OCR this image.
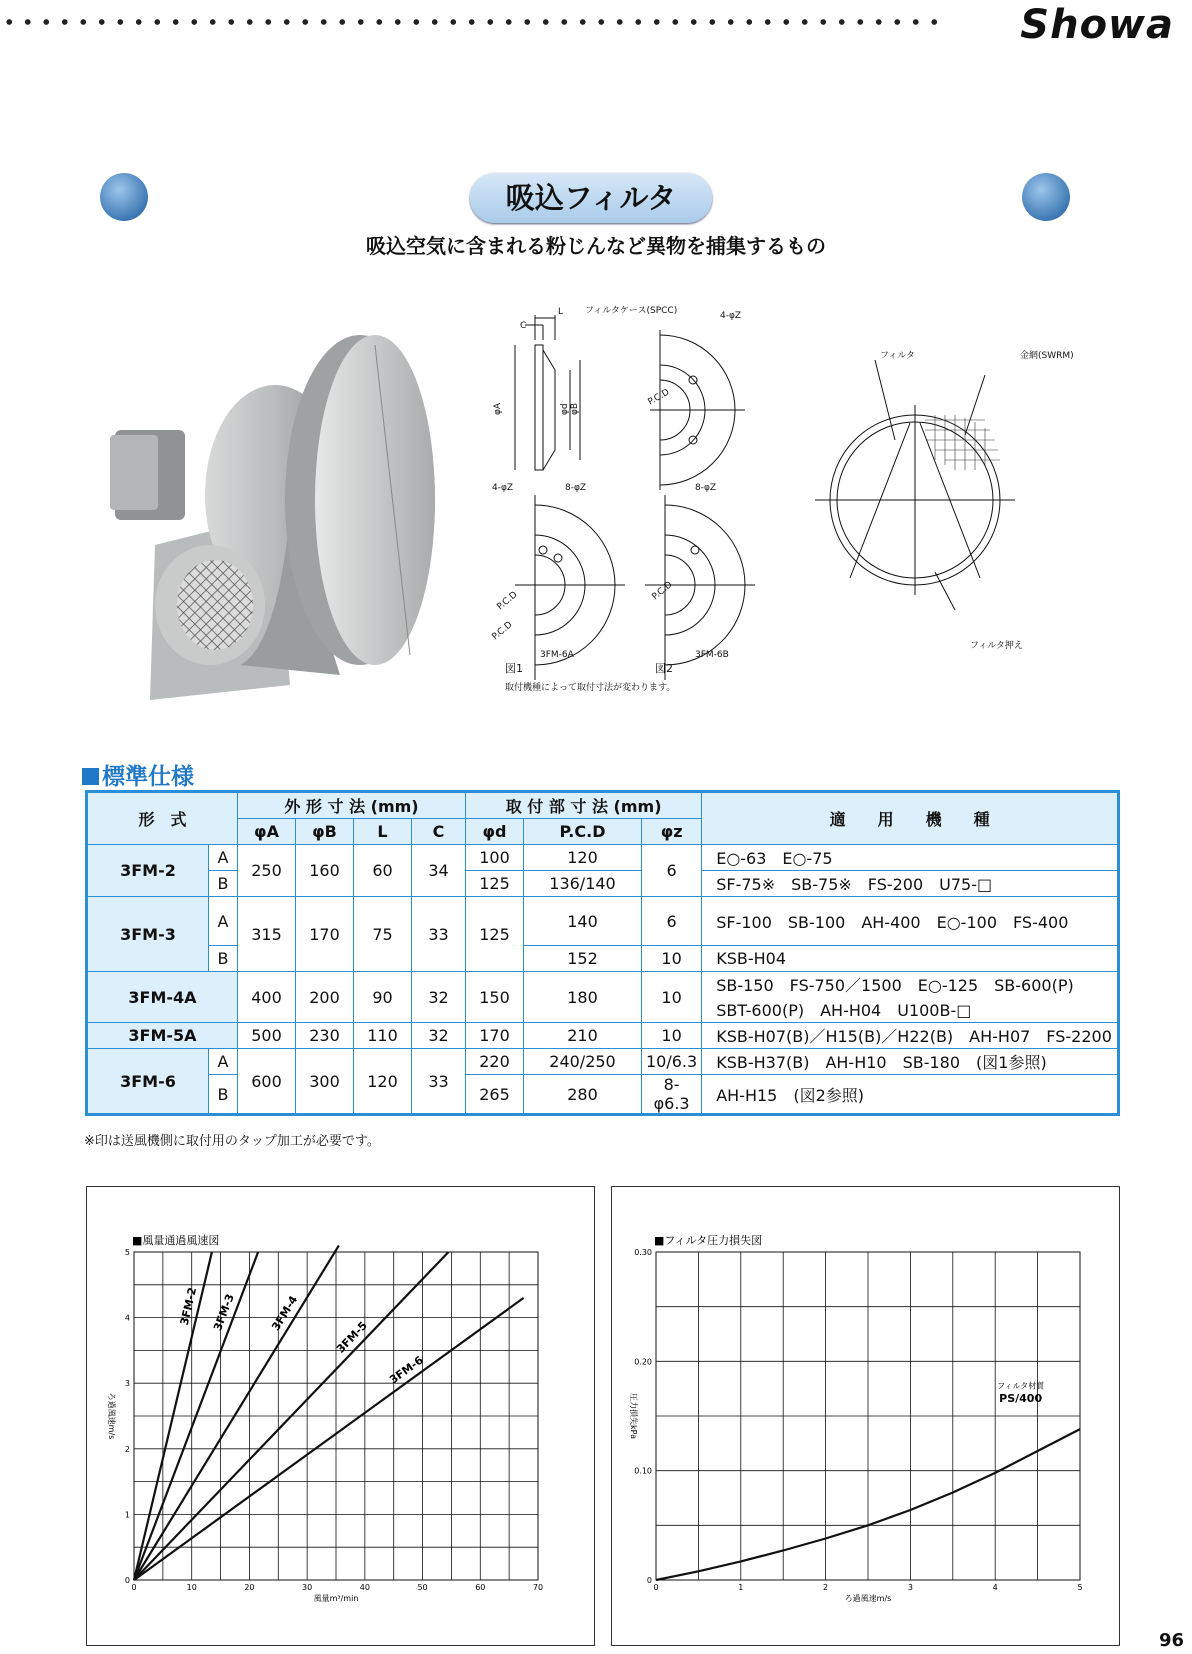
Showa
吸込フィルタ
吸込空気に含まれる粉じんなど異物を捕集するもの
L
C
フィルタケース(SPCC)
φA	φd φB
4-φZ
P.C.D
4-φZ	8-φZ	8-φZ
P.C.D
P.C.D
P.C.D
3FM-6A	3FM-6B
図1	図2
取付機種によって取付寸法が変わります。
フィルタ	金網(SWRM)
フィルタ押え
標準仕様
形　式		外 形 寸 法 (mm)				取 付 部 寸 法 (mm)			適　　用　　機　　種
		φA	φB	L	C	φd	P.C.D	φz	
3FM-2	A	250	160	60	34	100	120	6	E○-63　E○-75
	B					125	136/140		SF-75※　SB-75※　FS-200　U75-□
3FM-3	A	315	170	75	33	125	140	6	SF-100　SB-100　AH-400　E○-100　FS-400
	B						152	10	KSB-H04
3FM-4A		400	200	90	32	150	180	10	SB-150　FS-750／1500　E○-125　SB-600(P)
									SBT-600(P)　AH-H04　U100B-□
3FM-5A		500	230	110	32	170	210	10	KSB-H07(B)／H15(B)／H22(B)　AH-H07　FS-2200
3FM-6	A	600	300	120	33	220	240/250	10/6.3	KSB-H37(B)　AH-H10　SB-180　(図1参照)
	B					265	280	8-φ6.3	AH-H15　(図2参照)
※印は送風機側に取付用のタップ加工が必要です。
■風量通過風速図
0	10	20	30	40	50	60	70
0
1
2
3
4
5
風量m³/min
ろ過風速m/s
3FM-2 3FM-3	3FM-4
3FM-5
3FM-6
■フィルタ圧力損失図
0	1	2	3	4	5
0
0.10
0.20
0.30
ろ過風速m/s
圧力損失kPa
フィルタ材質
PS/400
96
